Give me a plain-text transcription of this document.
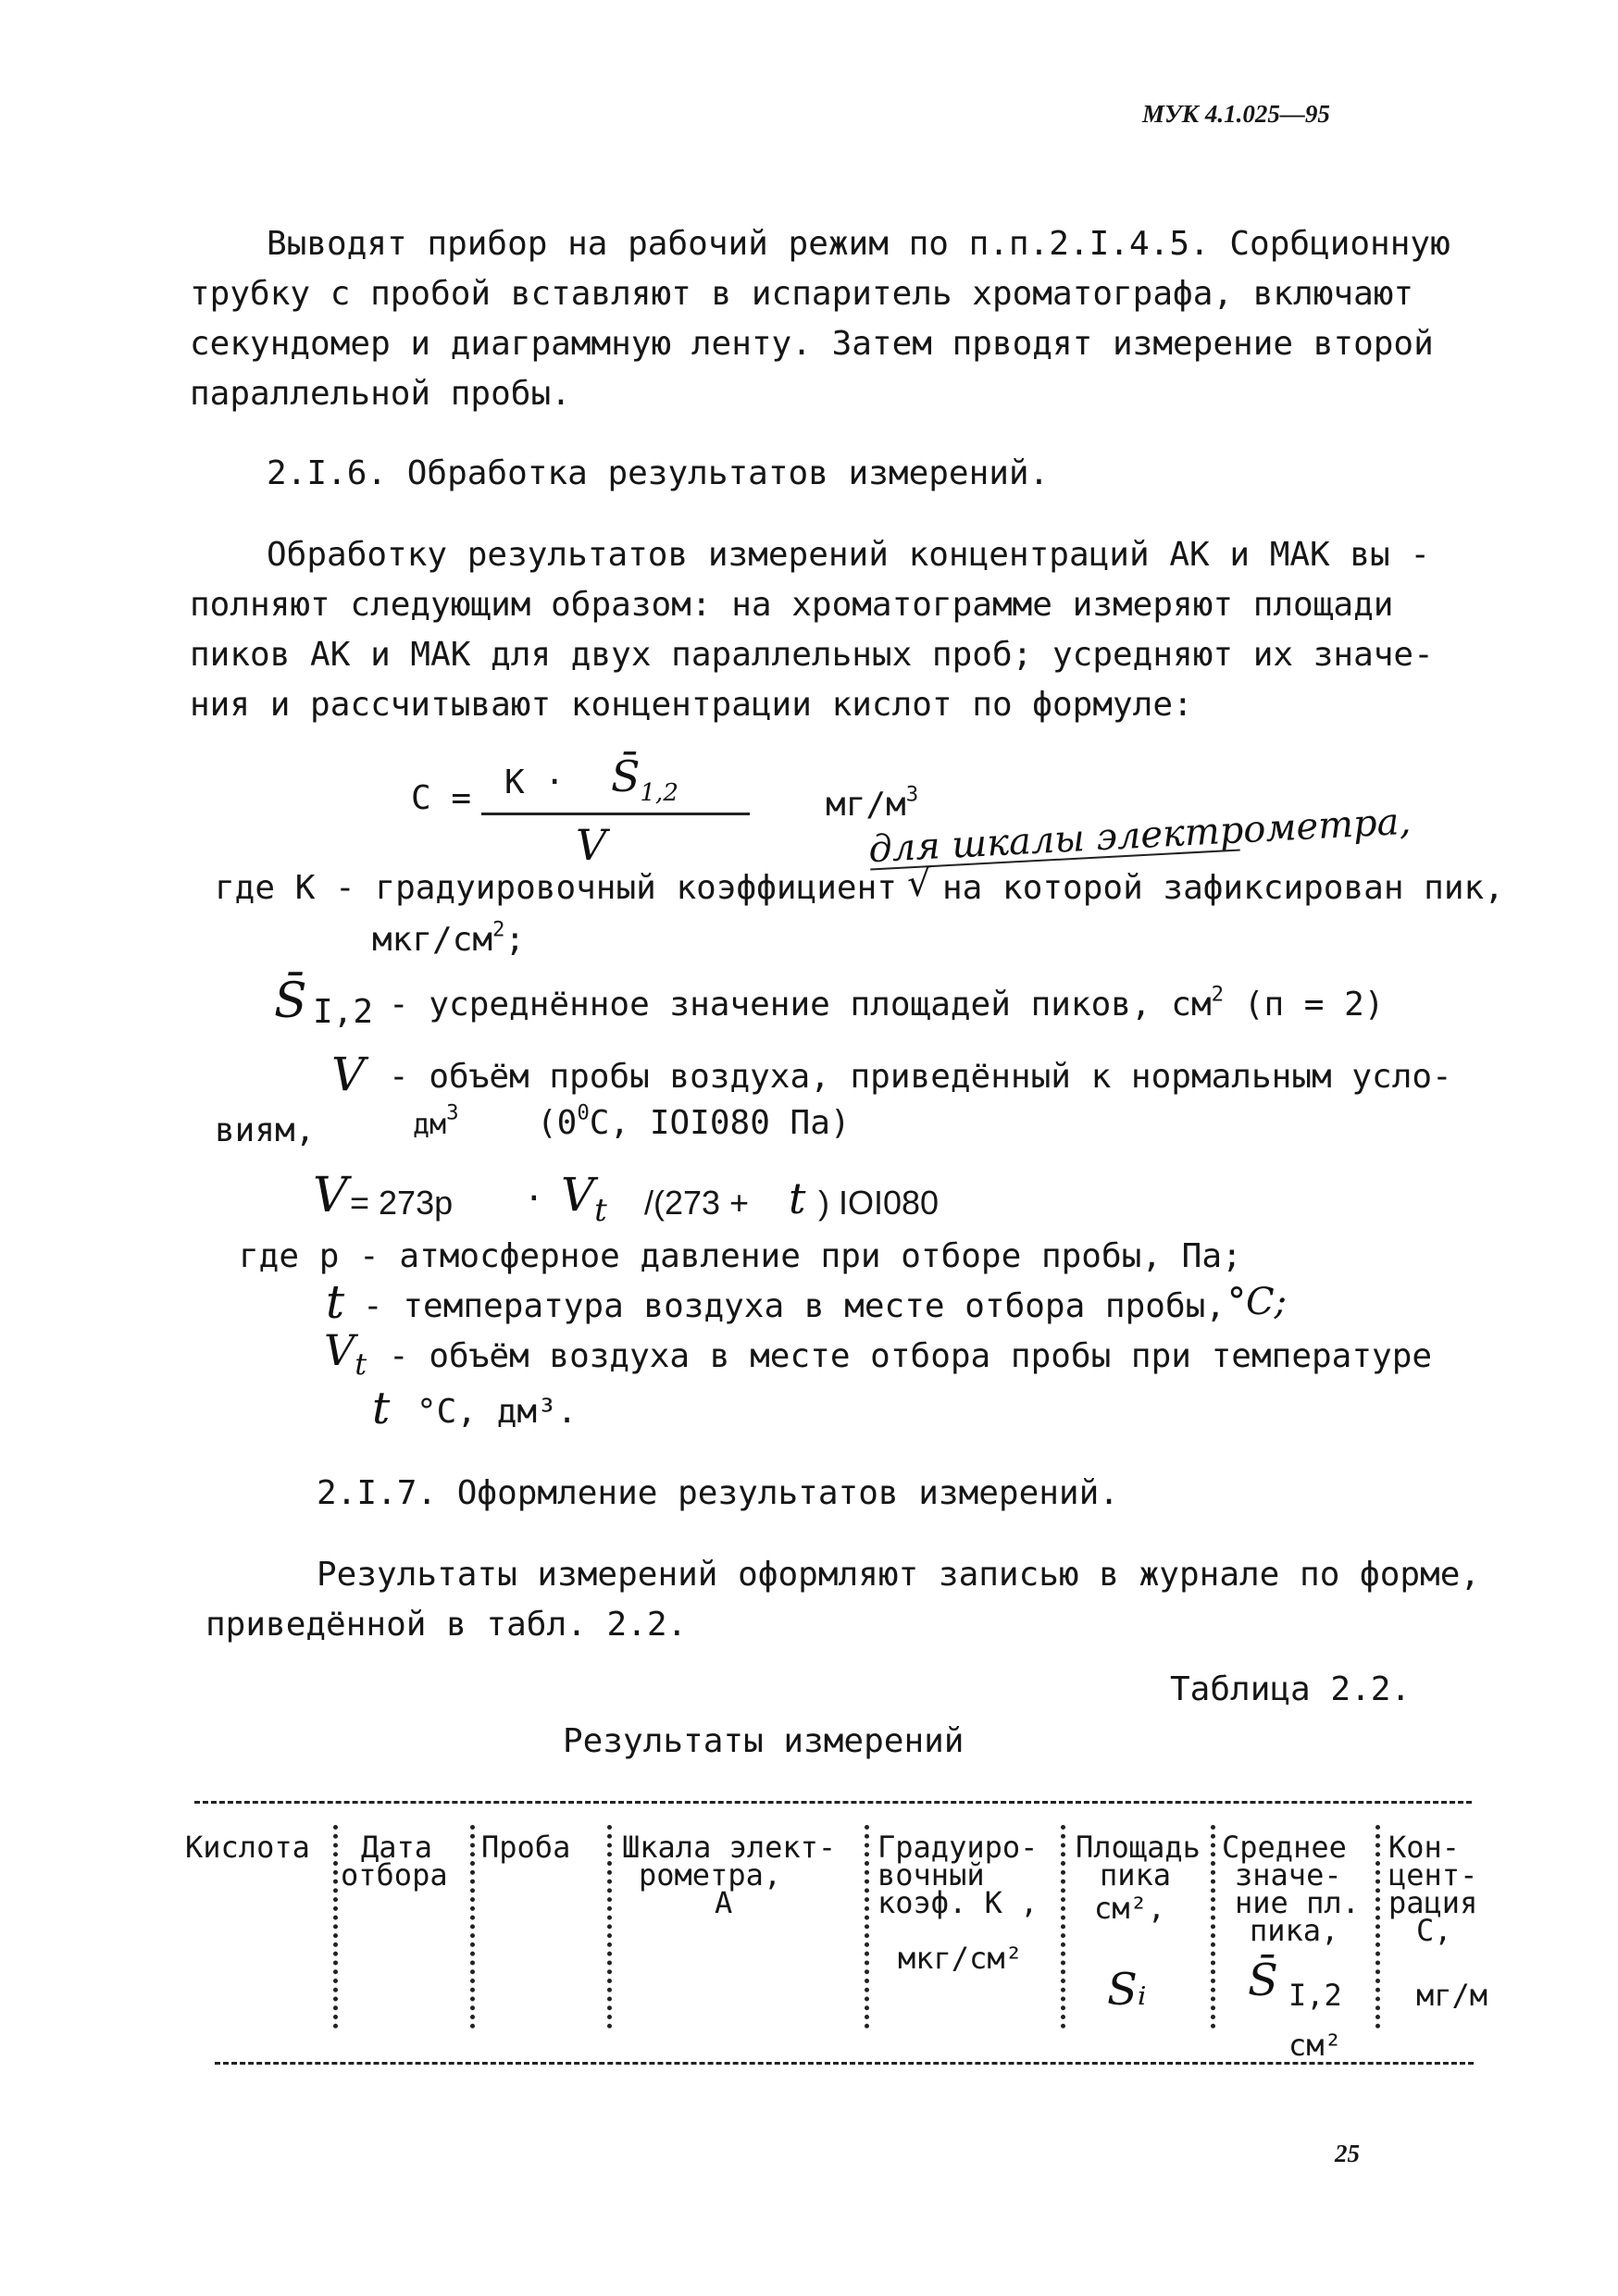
МУК 4.1.025—95
Выводят прибор на рабочий режим по п.п.2.I.4.5. Сорбционную
трубку с пробой вставляют в испаритель хроматографа, включают
секундомер и диаграммную ленту. Затем прводят измерение второй
параллельной пробы.
2.I.6. Обработка результатов измерений.
Обработку результатов измерений концентраций АК и МАК вы -
полняют следующим образом: на хроматограмме измеряют площади
пиков АК и МАК для двух параллельных проб; усредняют их значе-
ния и рассчитывают концентрации кислот по формуле:
$С = К \cdot S̄_{1,2}$
V
$мг/м^3$
для шкалы электрометра,
где К - градуировочный коэффициент √ на которой зафиксирован пик,
мкг/$см^2$;
S̄ I,2 - усреднённое значение площадей пиков, $см^2$ (п = 2)
V - объём пробы воздуха, приведённый к нормальным усло-
виям,	$дм^3$ ($0^0С$, IOI080 Па)
$V = 273р \cdot V_t$ /(273 + t ) IOI080
где р - атмосферное давление при отборе пробы, Па;
t - температура воздуха в месте отбора пробы, °С;
$V_t$ - объём воздуха в месте отбора пробы при температуре
t °С, дм³.
2.I.7. Оформление результатов измерений.
Результаты измерений оформляют записью в журнале по форме,
приведённой в табл. 2.2.
Таблица 2.2.
Результаты измерений
Кислота Дата
отбора
Проба Шкала элект-
рометра,
А
Градуиро-
вочный
коэф. К ,
мкг/см²
Площадь
пика
см²,
Sᵢ
Среднее
значе-
ние пл.
пика,
S̄ I,2
см²
Кон-
цент-
рация
С,
мг/м
25
